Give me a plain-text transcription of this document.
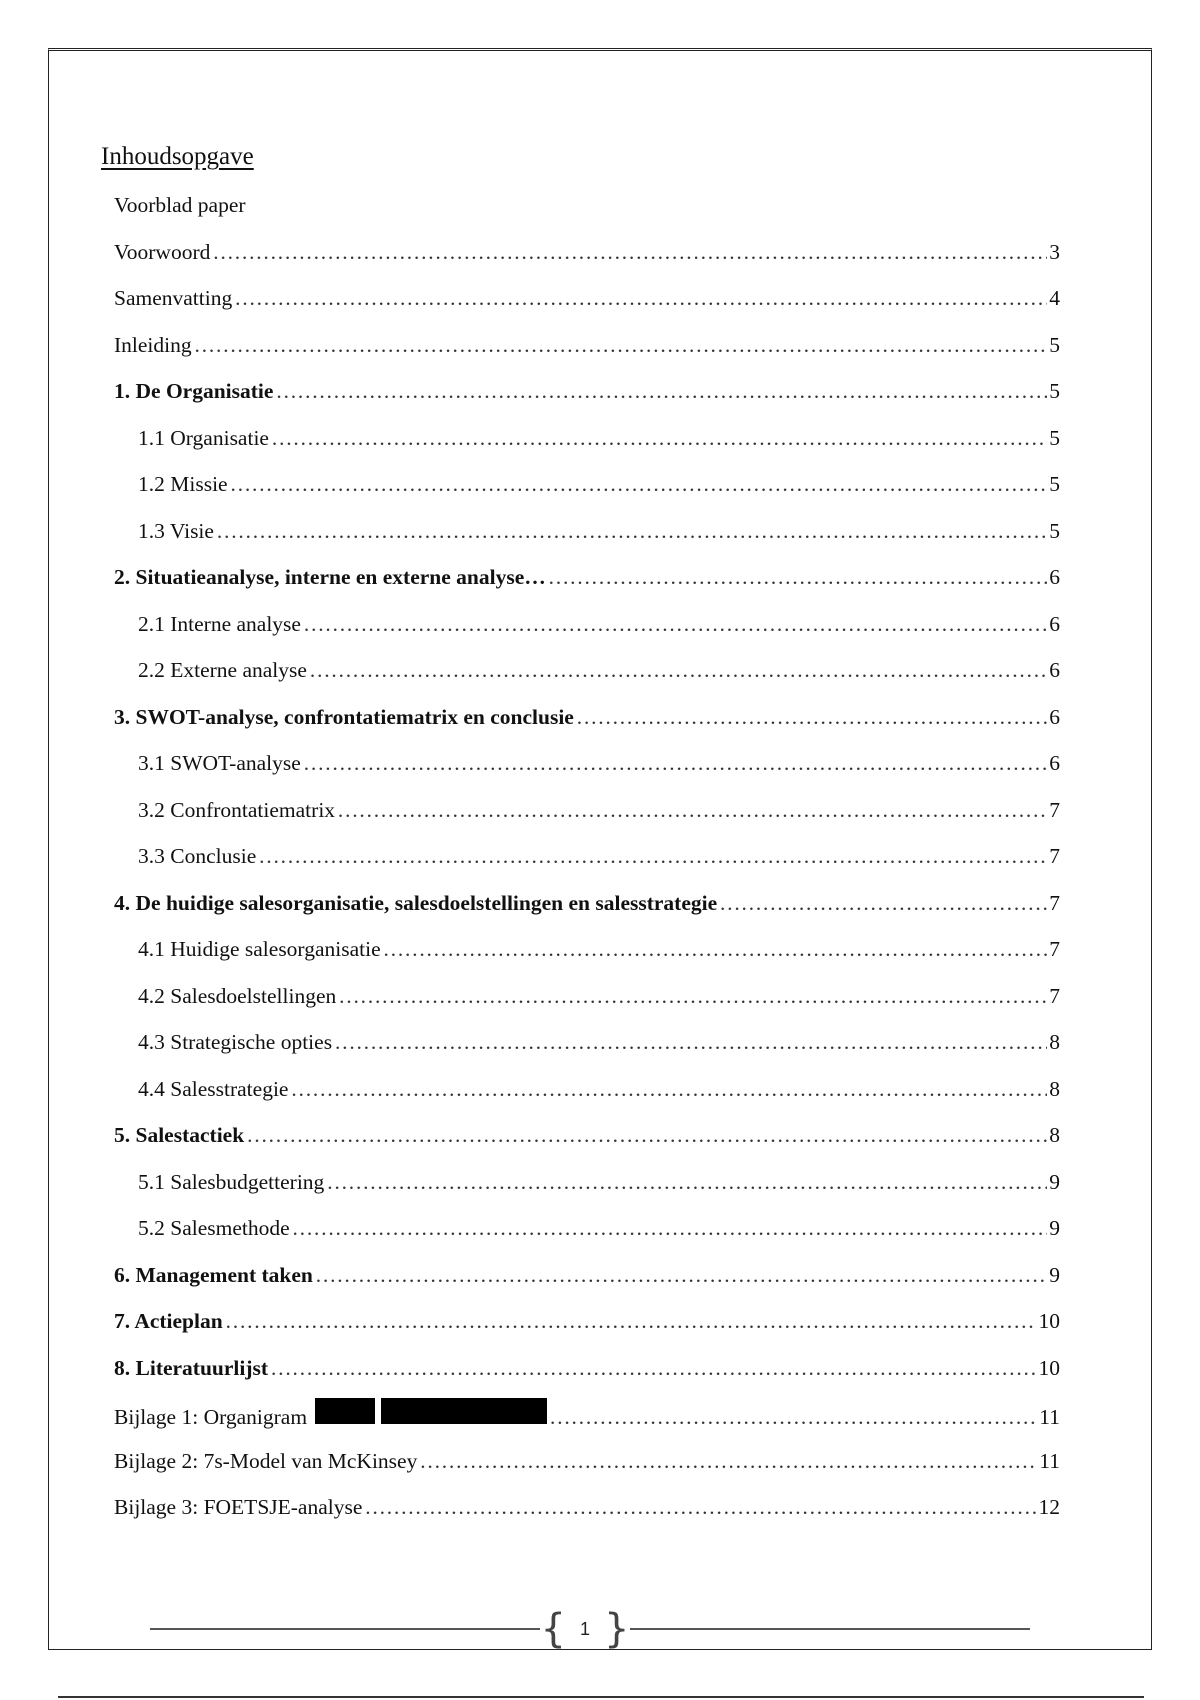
Inhoudsopgave
Voorblad paper
Voorwoord ……………………………………………………………………………………………………………………………………………………………………	3
Samenvatting ……………………………………………………………………………………………………………………………………………………………………	4
Inleiding ……………………………………………………………………………………………………………………………………………………………………	5
1. De Organisatie ……………………………………………………………………………………………………………………………………………………………………	5
1.1 Organisatie ……………………………………………………………………………………………………………………………………………………………………	5
1.2 Missie ……………………………………………………………………………………………………………………………………………………………………	5
1.3 Visie ……………………………………………………………………………………………………………………………………………………………………	5
2. Situatieanalyse, interne en externe analyse… ……………………………………………………………………………………………………………………………………………………………………	6
2.1 Interne analyse ……………………………………………………………………………………………………………………………………………………………………	6
2.2 Externe analyse ……………………………………………………………………………………………………………………………………………………………………	6
3. SWOT-analyse, confrontatiematrix en conclusie ……………………………………………………………………………………………………………………………………………………………………	6
3.1 SWOT-analyse ……………………………………………………………………………………………………………………………………………………………………	6
3.2 Confrontatiematrix ……………………………………………………………………………………………………………………………………………………………………	7
3.3 Conclusie ……………………………………………………………………………………………………………………………………………………………………	7
4. De huidige salesorganisatie, salesdoelstellingen en salesstrategie ……………………………………………………………………………………………………………………………………………………………………	7
4.1 Huidige salesorganisatie ……………………………………………………………………………………………………………………………………………………………………	7
4.2 Salesdoelstellingen ……………………………………………………………………………………………………………………………………………………………………	7
4.3 Strategische opties ……………………………………………………………………………………………………………………………………………………………………	8
4.4 Salesstrategie ……………………………………………………………………………………………………………………………………………………………………	8
5. Salestactiek ……………………………………………………………………………………………………………………………………………………………………	8
5.1 Salesbudgettering ……………………………………………………………………………………………………………………………………………………………………	9
5.2 Salesmethode ……………………………………………………………………………………………………………………………………………………………………	9
6. Management taken ……………………………………………………………………………………………………………………………………………………………………	9
7. Actieplan ……………………………………………………………………………………………………………………………………………………………………	10
8. Literatuurlijst ……………………………………………………………………………………………………………………………………………………………………	10
Bijlage 1: Organigram ……………………………………………………………………………………………………………………………………………………………………	11
Bijlage 2: 7s-Model van McKinsey ……………………………………………………………………………………………………………………………………………………………………	11
Bijlage 3: FOETSJE-analyse ……………………………………………………………………………………………………………………………………………………………………	12
{ 1 }
